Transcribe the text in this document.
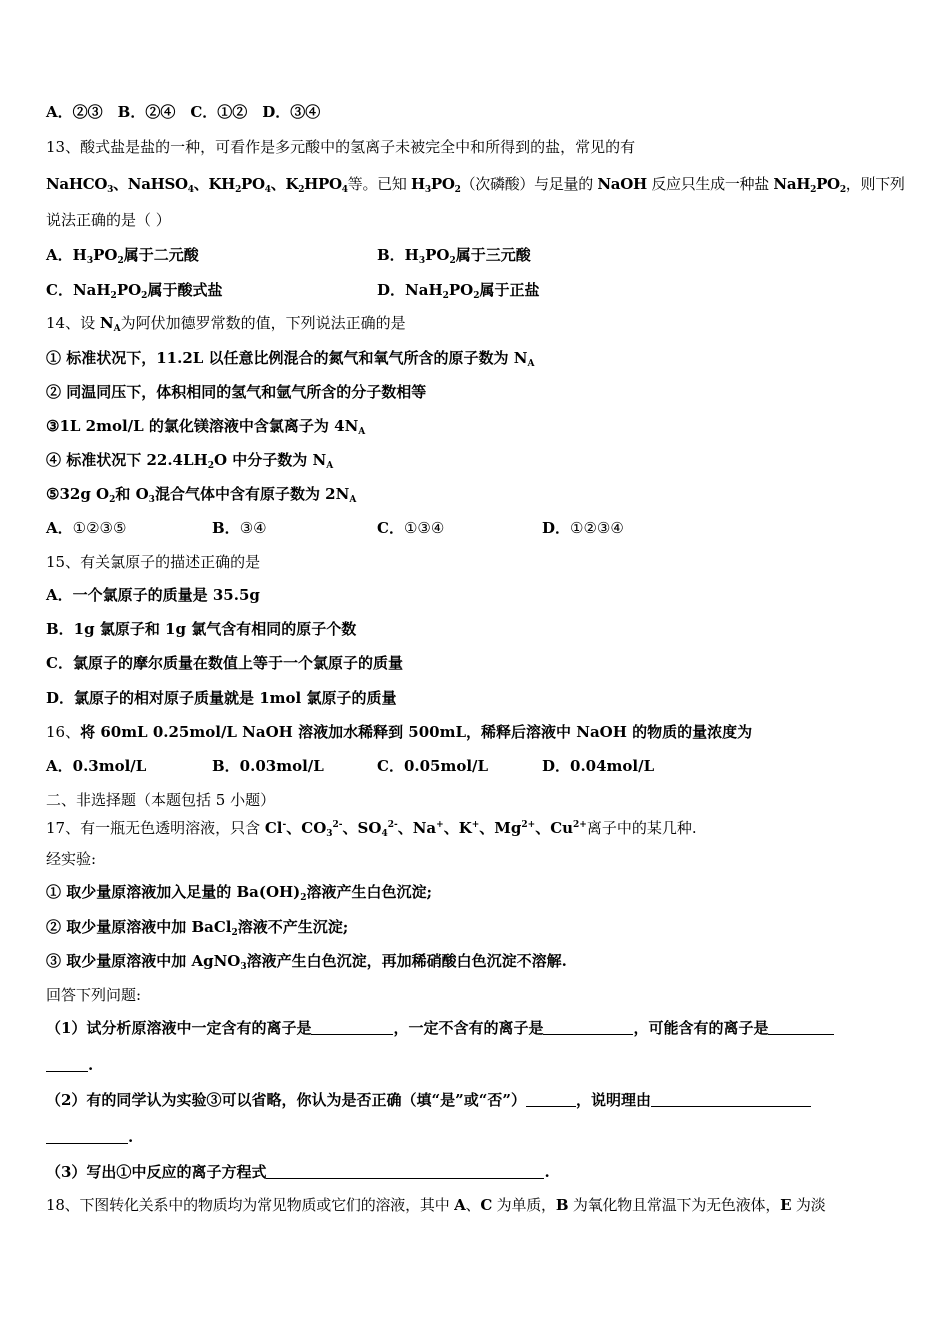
A．②③　B．②④　C．①②　D．③④
13、酸式盐是盐的一种，可看作是多元酸中的氢离子未被完全中和所得到的盐，常见的有
NaHCO$_3$、NaHSO$_4$、$KH_2PO_4$、$K_2HPO_4$等。已知 $H_3PO_2$（次磷酸）与足量的 NaOH 反应只生成一种盐 $NaH_2PO_2$，则下列
说法正确的是（ ）
A．$H_3PO_2$属于二元酸	B．$H_3PO_2$属于三元酸
C．$NaH_2PO_2$属于酸式盐	D．$NaH_2PO_2$属于正盐
14、设 $N_A$为阿伏加德罗常数的值，下列说法正确的是
① 标准状况下，11.2L 以任意比例混合的氮气和氧气所含的原子数为 $N_A$
② 同温同压下，体积相同的氢气和氩气所含的分子数相等
③1L 2mol/L 的氯化镁溶液中含氯离子为 $4N_A$
④ 标准状况下 $22.4LH_2O$ 中分子数为 $N_A$
⑤32g $O_2$和 $O_3$混合气体中含有原子数为 $2N_A$
A．①②③⑤	B．③④	C．①③④	D．①②③④
15、有关氯原子的描述正确的是
A．一个氯原子的质量是 35.5g
B．1g 氯原子和 1g 氯气含有相同的原子个数
C．氯原子的摩尔质量在数值上等于一个氯原子的质量
D．氯原子的相对原子质量就是 1mol 氯原子的质量
16、将 60mL 0.25mol/L NaOH 溶液加水稀释到 500mL，稀释后溶液中 NaOH 的物质的量浓度为
A．0.3mol/L	B．0.03mol/L	C．0.05mol/L	D．0.04mol/L
二、非选择题（本题包括 5 小题）
17、有一瓶无色透明溶液，只含 Cl-、$CO_3^{2-}$、$SO_4^{2-}$、Na+、K+、$Mg^{2+}$、$Cu^{2+}$离子中的某几种.
经实验:
① 取少量原溶液加入足量的 $Ba(OH)_2$溶液产生白色沉淀;
② 取少量原溶液中加 BaCl$_2$溶液不产生沉淀;
③ 取少量原溶液中加 AgNO$_3$溶液产生白色沉淀，再加稀硝酸白色沉淀不溶解.
回答下列问题:
（1）试分析原溶液中一定含有的离子是	，一定不含有的离子是	，可能含有的离子是
.
（2）有的同学认为实验③可以省略，你认为是否正确（填“是”或“否”）	，说明理由
.
（3）写出①中反应的离子方程式	.
18、下图转化关系中的物质均为常见物质或它们的溶液，其中 A、C 为单质，B 为氧化物且常温下为无色液体，E 为淡
